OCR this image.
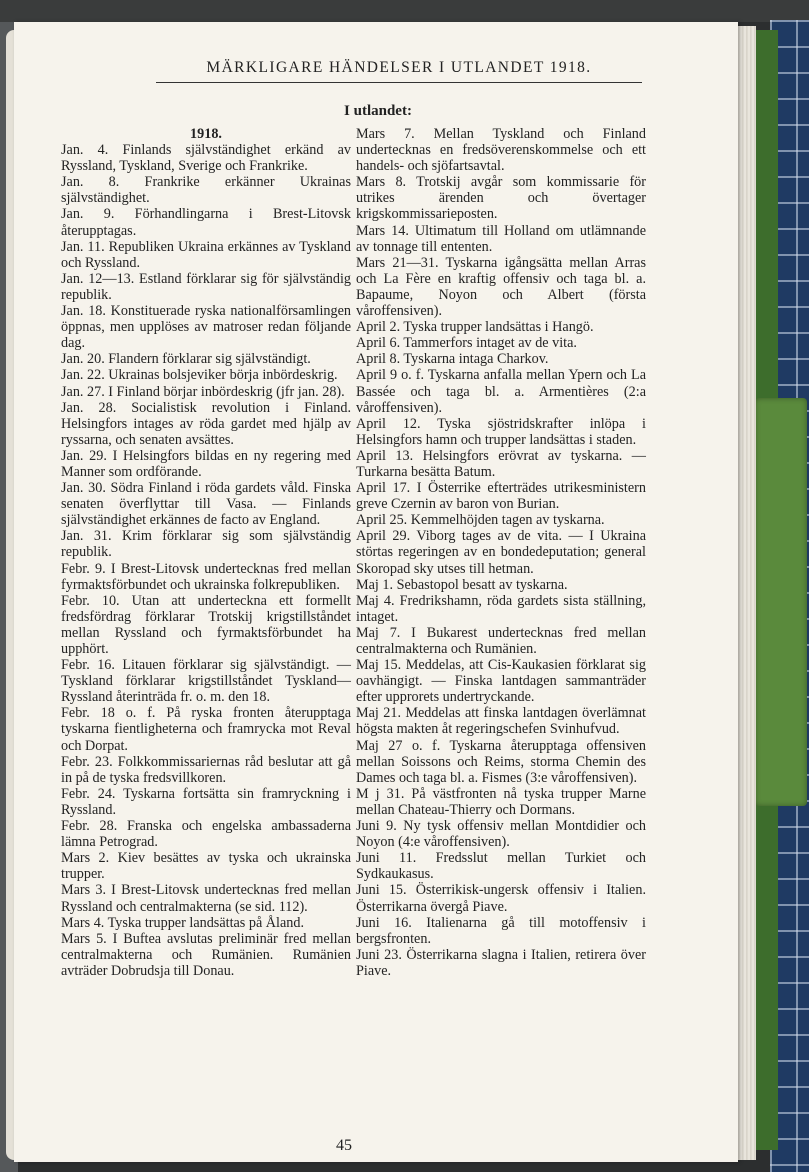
MÄRKLIGARE HÄNDELSER I UTLANDET 1918.
I utlandet:
1918.

Jan. 4. Finlands självständighet erkänd av Ryssland, Tyskland, Sverige och Frankrike.

Jan. 8. Frankrike erkänner Ukrainas självständighet.

Jan. 9. Förhandlingarna i Brest-Litovsk återupptagas.

Jan. 11. Republiken Ukraina erkännes av Tyskland och Ryssland.

Jan. 12—13. Estland förklarar sig för självständig republik.

Jan. 18. Konstituerade ryska nationalförsamlingen öppnas, men upplöses av matroser redan följande dag.

Jan. 20. Flandern förklarar sig självständigt.

Jan. 22. Ukrainas bolsjeviker börja inbördeskrig.

Jan. 27. I Finland börjar inbördeskrig (jfr jan. 28).

Jan. 28. Socialistisk revolution i Finland. Helsingfors intages av röda gardet med hjälp av ryssarna, och senaten avsättes.

Jan. 29. I Helsingfors bildas en ny regering med Manner som ordförande.

Jan. 30. Södra Finland i röda gardets våld. Finska senaten överflyttar till Vasa. — Finlands självständighet erkännes de facto av England.

Jan. 31. Krim förklarar sig som självständig republik.

Febr. 9. I Brest-Litovsk undertecknas fred mellan fyrmaktsförbundet och ukrainska folkrepubliken.

Febr. 10. Utan att underteckna ett formellt fredsfördrag förklarar Trotskij krigstillståndet mellan Ryssland och fyrmaktsförbundet ha upphört.

Febr. 16. Litauen förklarar sig självständigt. — Tyskland förklarar krigstillståndet Tyskland—Ryssland återinträda fr. o. m. den 18.

Febr. 18 o. f. På ryska fronten återupptaga tyskarna fientligheterna och framrycka mot Reval och Dorpat.

Febr. 23. Folkkommissariernas råd beslutar att gå in på de tyska fredsvillkoren.

Febr. 24. Tyskarna fortsätta sin framryckning i Ryssland.

Febr. 28. Franska och engelska ambassaderna lämna Petrograd.

Mars 2. Kiev besättes av tyska och ukrainska trupper.

Mars 3. I Brest-Litovsk undertecknas fred mellan Ryssland och centralmakterna (se sid. 112).

Mars 4. Tyska trupper landsättas på Åland.

Mars 5. I Buftea avslutas preliminär fred mellan centralmakterna och Rumänien. Rumänien avträder Dobrudsja till Donau.

Mars 7. Mellan Tyskland och Finland undertecknas en fredsöverenskommelse och ett handels- och sjöfartsavtal.

Mars 8. Trotskij avgår som kommissarie för utrikes ärenden och övertager krigskommissarieposten.

Mars 14. Ultimatum till Holland om utlämnande av tonnage till ententen.

Mars 21—31. Tyskarna igångsätta mellan Arras och La Fère en kraftig offensiv och taga bl. a. Bapaume, Noyon och Albert (första våroffensiven).

April 2. Tyska trupper landsättas i Hangö.

April 6. Tammerfors intaget av de vita.

April 8. Tyskarna intaga Charkov.

April 9 o. f. Tyskarna anfalla mellan Ypern och La Bassée och taga bl. a. Armentières (2:a våroffensiven).

April 12. Tyska sjöstridskrafter inlöpa i Helsingfors hamn och trupper landsättas i staden.

April 13. Helsingfors erövrat av tyskarna. — Turkarna besätta Batum.

April 17. I Österrike efterträdes utrikesministern greve Czernin av baron von Burian.

April 25. Kemmelhöjden tagen av tyskarna.

April 29. Viborg tages av de vita. — I Ukraina störtas regeringen av en bondedeputation; general Skoropad sky utses till hetman.

Maj 1. Sebastopol besatt av tyskarna.

Maj 4. Fredrikshamn, röda gardets sista ställning, intaget.

Maj 7. I Bukarest undertecknas fred mellan centralmakterna och Rumänien.

Maj 15. Meddelas, att Cis-Kaukasien förklarat sig oavhängigt. — Finska lantdagen sammanträder efter upprorets undertryckande.

Maj 21. Meddelas att finska lantdagen överlämnat högsta makten åt regeringschefen Svinhufvud.

Maj 27 o. f. Tyskarna återupptaga offensiven mellan Soissons och Reims, storma Chemin des Dames och taga bl. a. Fismes (3:e våroffensiven).

M j 31. På västfronten nå tyska trupper Marne mellan Chateau-Thierry och Dormans.

Juni 9. Ny tysk offensiv mellan Montdidier och Noyon (4:e våroffensiven).

Juni 11. Fredsslut mellan Turkiet och Sydkaukasus.

Juni 15. Österrikisk-ungersk offensiv i Italien. Österrikarna övergå Piave.

Juni 16. Italienarna gå till motoffensiv i bergsfronten.

Juni 23. Österrikarna slagna i Italien, retirera över Piave.

45
